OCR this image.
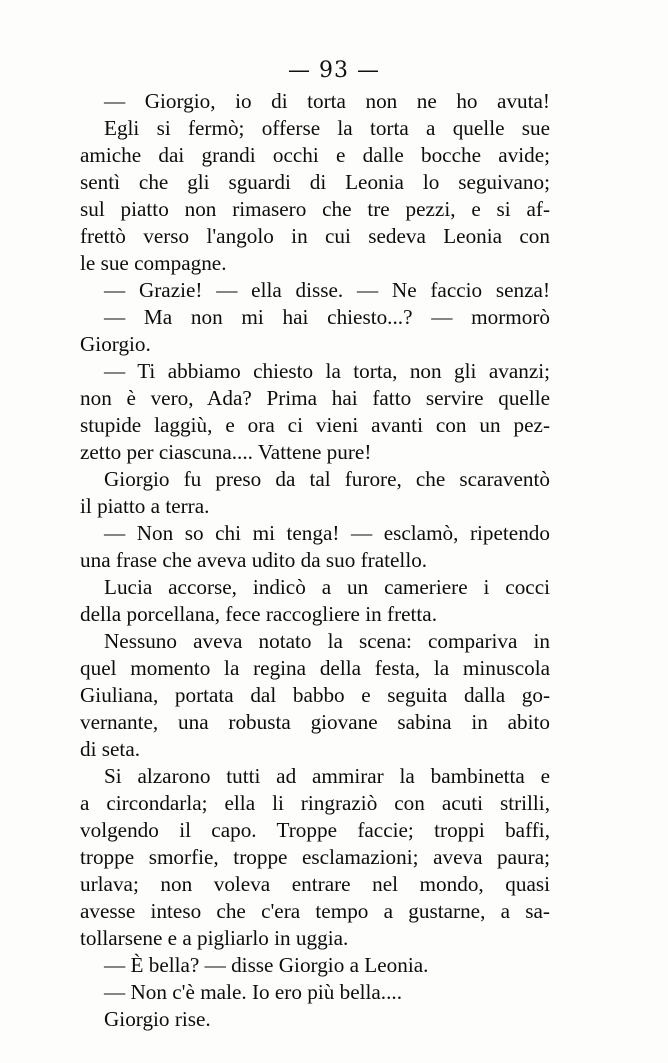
— 93 —
— Giorgio, io di torta non ne ho avuta!
Egli si fermò; offerse la torta a quelle sue
amiche dai grandi occhi e dalle bocche avide;
sentì che gli sguardi di Leonia lo seguivano;
sul piatto non rimasero che tre pezzi, e si af-
frettò verso l'angolo in cui sedeva Leonia con
le sue compagne.
— Grazie! — ella disse. — Ne faccio senza!
— Ma non mi hai chiesto...? — mormorò
Giorgio.
— Ti abbiamo chiesto la torta, non gli avanzi;
non è vero, Ada? Prima hai fatto servire quelle
stupide laggiù, e ora ci vieni avanti con un pez-
zetto per ciascuna.... Vattene pure!
Giorgio fu preso da tal furore, che scaraventò
il piatto a terra.
— Non so chi mi tenga! — esclamò, ripetendo
una frase che aveva udito da suo fratello.
Lucia accorse, indicò a un cameriere i cocci
della porcellana, fece raccogliere in fretta.
Nessuno aveva notato la scena: compariva in
quel momento la regina della festa, la minuscola
Giuliana, portata dal babbo e seguita dalla go-
vernante, una robusta giovane sabina in abito
di seta.
Si alzarono tutti ad ammirar la bambinetta e
a circondarla; ella li ringraziò con acuti strilli,
volgendo il capo. Troppe faccie; troppi baffi,
troppe smorfie, troppe esclamazioni; aveva paura;
urlava; non voleva entrare nel mondo, quasi
avesse inteso che c'era tempo a gustarne, a sa-
tollarsene e a pigliarlo in uggia.
— È bella? — disse Giorgio a Leonia.
— Non c'è male. Io ero più bella....
Giorgio rise.
